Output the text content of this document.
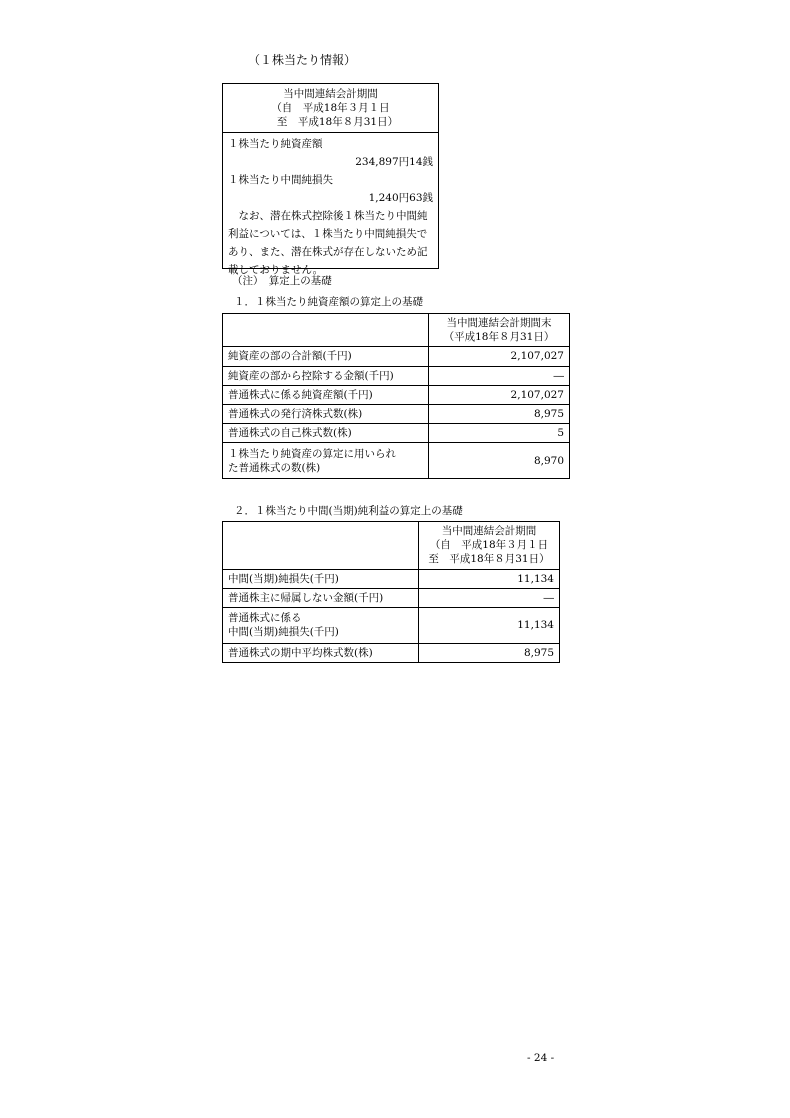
（１株当たり情報）
当中間連結会計期間
（自　平成18年３月１日
至　平成18年８月31日）
１株当たり純資産額
234,897円14銭
１株当たり中間純損失
1,240円63銭
なお、潜在株式控除後１株当たり中間純利益については、１株当たり中間純損失であり、また、潜在株式が存在しないため記載しておりません。
（注）　算定上の基礎
１．１株当たり純資産額の算定上の基礎

	当中間連結会計期間末
（平成18年８月31日）

純資産の部の合計額(千円)	2,107,027
純資産の部から控除する金額(千円)	―
普通株式に係る純資産額(千円)	2,107,027
普通株式の発行済株式数(株)	8,975
普通株式の自己株式数(株)	5

１株当たり純資産の算定に用いられ
た普通株式の数(株)	8,970
２．１株当たり中間(当期)純利益の算定上の基礎

	当中間連結会計期間
（自　平成18年３月１日
至　平成18年８月31日）

中間(当期)純損失(千円)	11,134
普通株主に帰属しない金額(千円)	―

普通株式に係る
中間(当期)純損失(千円)	11,134
普通株式の期中平均株式数(株)	8,975
- 24 -
